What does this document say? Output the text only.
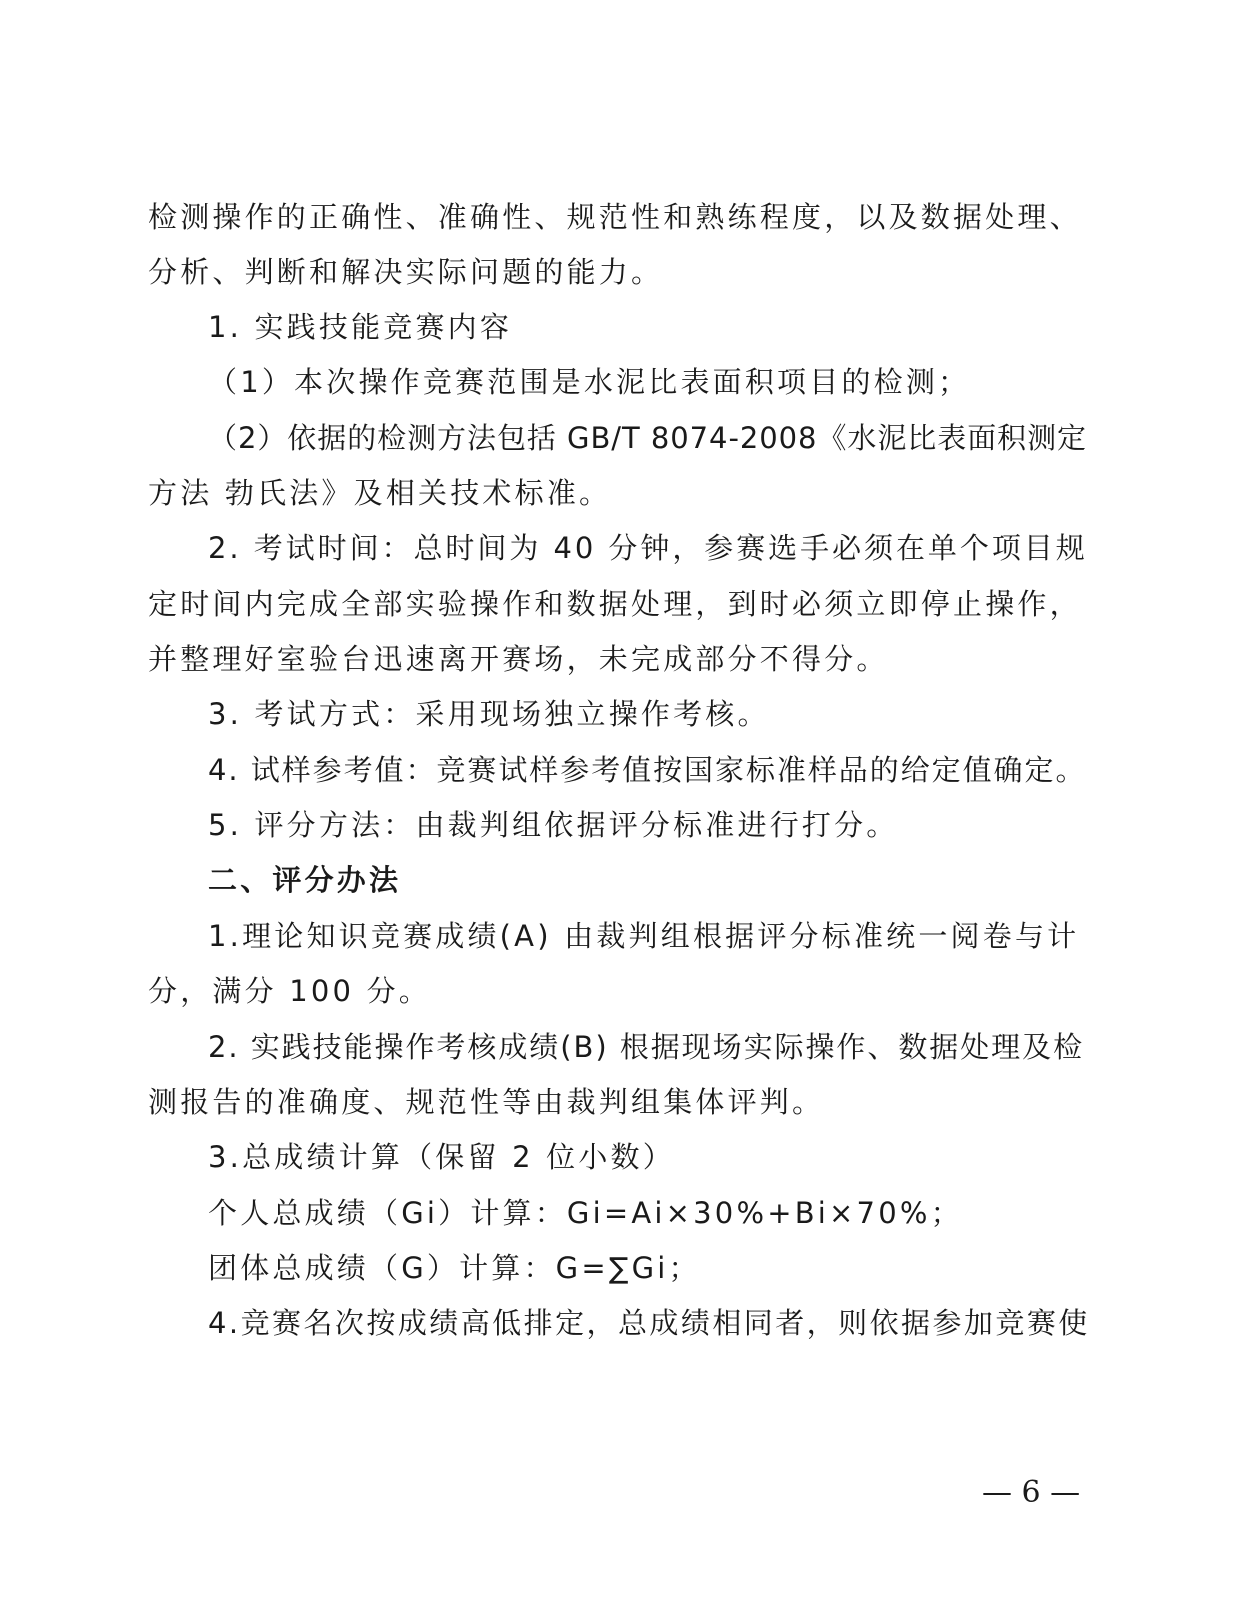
检测操作的正确性、准确性、规范性和熟练程度，以及数据处理、
分析、判断和解决实际问题的能力。
1. 实践技能竞赛内容
（1）本次操作竞赛范围是水泥比表面积项目的检测；
（2）依据的检测方法包括 GB/T 8074-2008《水泥比表面积测定
方法 勃氏法》及相关技术标准。
2. 考试时间：总时间为 40 分钟，参赛选手必须在单个项目规
定时间内完成全部实验操作和数据处理，到时必须立即停止操作，
并整理好室验台迅速离开赛场，未完成部分不得分。
3. 考试方式：采用现场独立操作考核。
4. 试样参考值：竞赛试样参考值按国家标准样品的给定值确定。
5. 评分方法：由裁判组依据评分标准进行打分。
二、评分办法
1.理论知识竞赛成绩(A) 由裁判组根据评分标准统一阅卷与计
分，满分 100 分。
2. 实践技能操作考核成绩(B) 根据现场实际操作、数据处理及检
测报告的准确度、规范性等由裁判组集体评判。
3.总成绩计算（保留 2 位小数）
个人总成绩（Gi）计算：Gi=Ai×30%+Bi×70%；
团体总成绩（G）计算：G=∑Gi；
4.竞赛名次按成绩高低排定，总成绩相同者，则依据参加竞赛使
— 6 —
